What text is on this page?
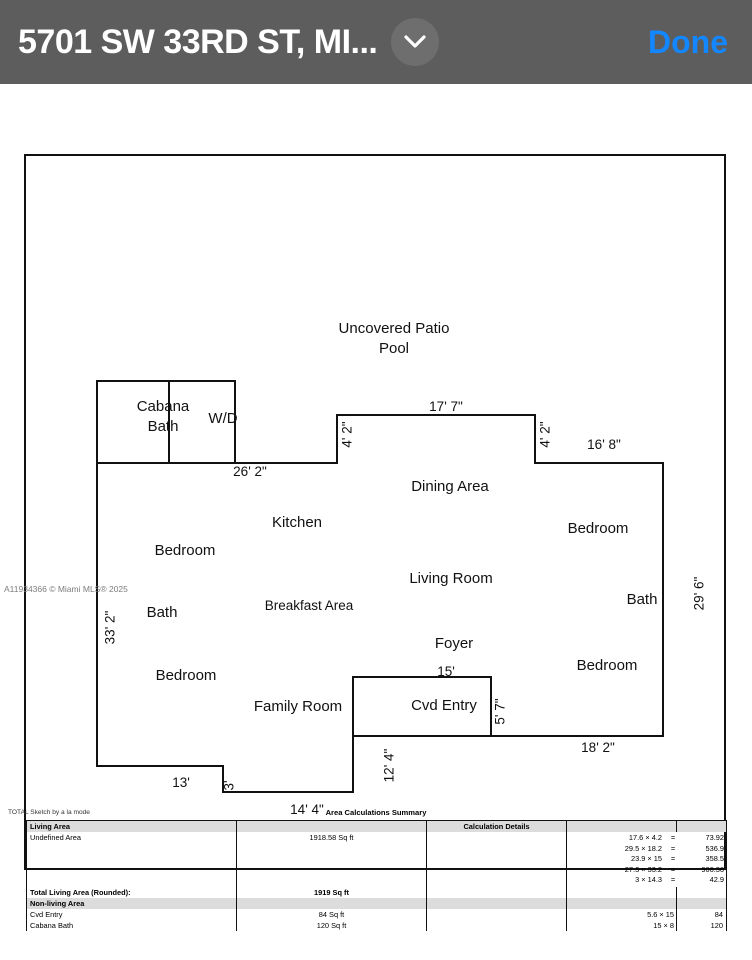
5701 SW 33RD ST, MI...	Done
Uncovered Patio
Pool
Cabana
Bath	W/D
Dining Area
Kitchen
Bedroom
Bedroom
Living Room
Breakfast Area
Bath
Bath
Bedroom
Bedroom
Foyer
Family Room	Cvd Entry
17' 7"
4' 2"	4' 2"	16' 8"
26' 2"
33' 2"
29' 6"
15'
5' 7"
18' 2"
3'
13'
12' 4"
14' 4"
A11934366 © Miami MLS® 2025
TOTAL Sketch by a la mode	Area Calculations Summary
Living Area		Calculation Details		
Undefined Area	1918.58 Sq ft		17.6 × 4.2	=	73.92
29.5 × 18.2	=	536.9
23.9 × 15	=	358.5
27.3 × 33.2	=	906.36
3 × 14.3	=	42.9

Total Living Area (Rounded):	1919 Sq ft			
Non-living Area				
Cvd Entry	84 Sq ft		5.6 × 15	84
Cabana Bath	120 Sq ft		15 × 8	120
